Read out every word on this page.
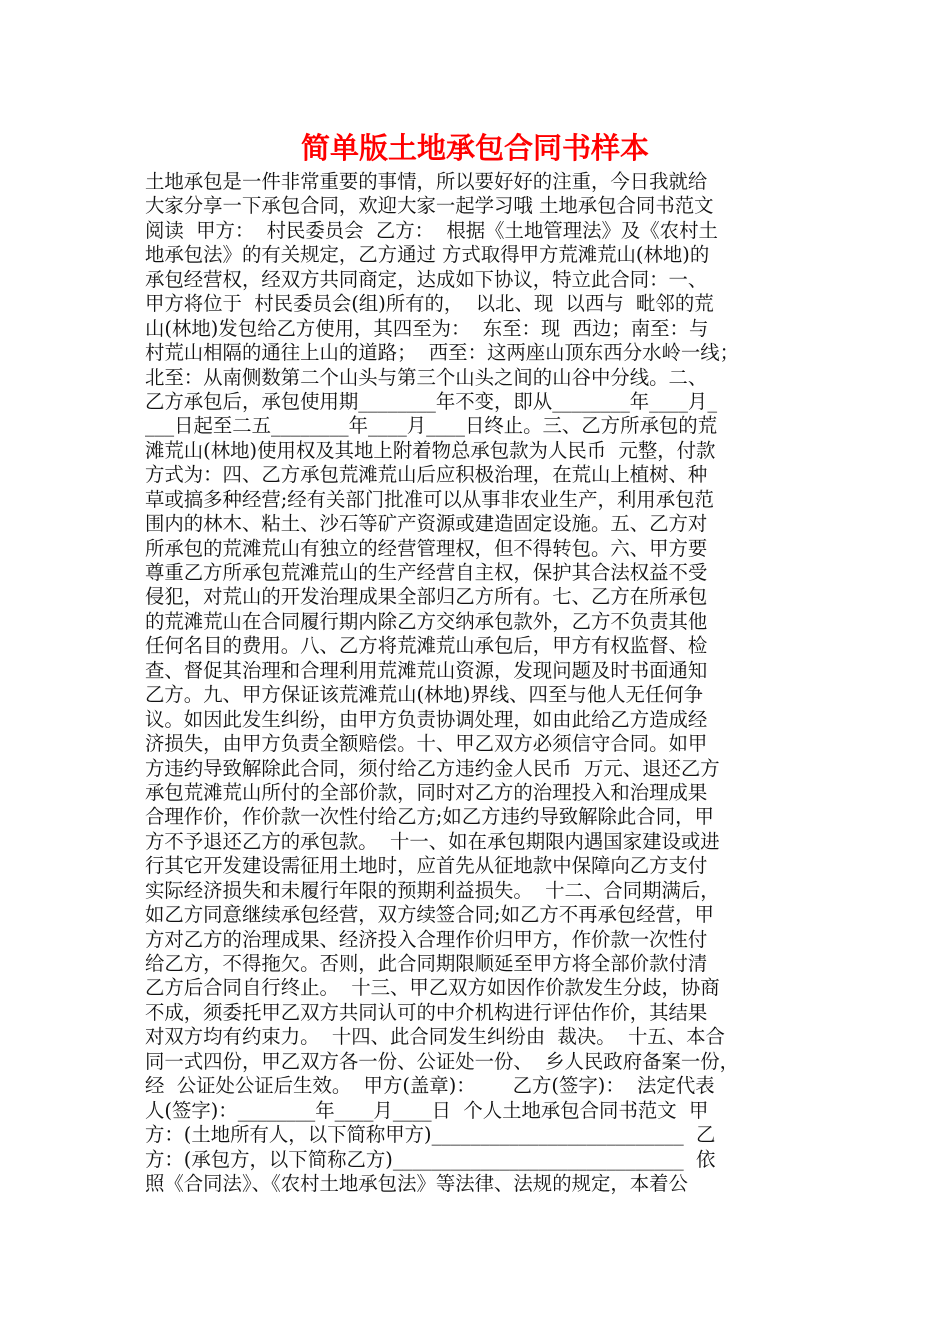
简单版土地承包合同书样本
土地承包是一件非常重要的事情，所以要好好的注重，今日我就给
大家分享一下承包合同，欢迎大家一起学习哦 土地承包合同书范文
阅读  甲方：  村民委员会  乙方：  根据《土地管理法》及《农村土
地承包法》的有关规定，乙方通过 方式取得甲方荒滩荒山(林地)的
承包经营权，经双方共同商定，达成如下协议，特立此合同：一、
甲方将位于  村民委员会(组)所有的，  以北、现  以西与  毗邻的荒
山(林地)发包给乙方使用，其四至为：  东至：现  西边；南至：与
村荒山相隔的通往上山的道路；  西至：这两座山顶东西分水岭一线；
北至：从南侧数第二个山头与第三个山头之间的山谷中分线。二、
乙方承包后，承包使用期________年不变，即从________年____月_
___日起至二五________年____月____日终止。三、乙方所承包的荒
滩荒山(林地)使用权及其地上附着物总承包款为人民币  元整，付款
方式为：四、乙方承包荒滩荒山后应积极治理，在荒山上植树、种
草或搞多种经营;经有关部门批准可以从事非农业生产，利用承包范
围内的林木、粘土、沙石等矿产资源或建造固定设施。五、乙方对
所承包的荒滩荒山有独立的经营管理权，但不得转包。六、甲方要
尊重乙方所承包荒滩荒山的生产经营自主权，保护其合法权益不受
侵犯，对荒山的开发治理成果全部归乙方所有。七、乙方在所承包
的荒滩荒山在合同履行期内除乙方交纳承包款外，乙方不负责其他
任何名目的费用。八、乙方将荒滩荒山承包后，甲方有权监督、检
查、督促其治理和合理利用荒滩荒山资源，发现问题及时书面通知
乙方。九、甲方保证该荒滩荒山(林地)界线、四至与他人无任何争
议。如因此发生纠纷，由甲方负责协调处理，如由此给乙方造成经
济损失，由甲方负责全额赔偿。十、甲乙双方必须信守合同。如甲
方违约导致解除此合同，须付给乙方违约金人民币  万元、退还乙方
承包荒滩荒山所付的全部价款，同时对乙方的治理投入和治理成果
合理作价，作价款一次性付给乙方;如乙方违约导致解除此合同，甲
方不予退还乙方的承包款。  十一、如在承包期限内遇国家建设或进
行其它开发建设需征用土地时，应首先从征地款中保障向乙方支付
实际经济损失和未履行年限的预期利益损失。  十二、合同期满后，
如乙方同意继续承包经营，双方续签合同;如乙方不再承包经营，甲
方对乙方的治理成果、经济投入合理作价归甲方，作价款一次性付
给乙方，不得拖欠。否则，此合同期限顺延至甲方将全部价款付清
乙方后合同自行终止。  十三、甲乙双方如因作价款发生分歧，协商
不成，须委托甲乙双方共同认可的中介机构进行评估作价，其结果
对双方均有约束力。  十四、此合同发生纠纷由  裁决。  十五、本合
同一式四份，甲乙双方各一份、公证处一份、  乡人民政府备案一份，
经  公证处公证后生效。  甲方(盖章)：      乙方(签字)：  法定代表
人(签字)：________年____月____日  个人土地承包合同书范文  甲
方：(土地所有人，以下简称甲方)__________________________  乙
方：(承包方，以下简称乙方)______________________________  依
照《合同法》、《农村土地承包法》等法律、法规的规定，本着公
